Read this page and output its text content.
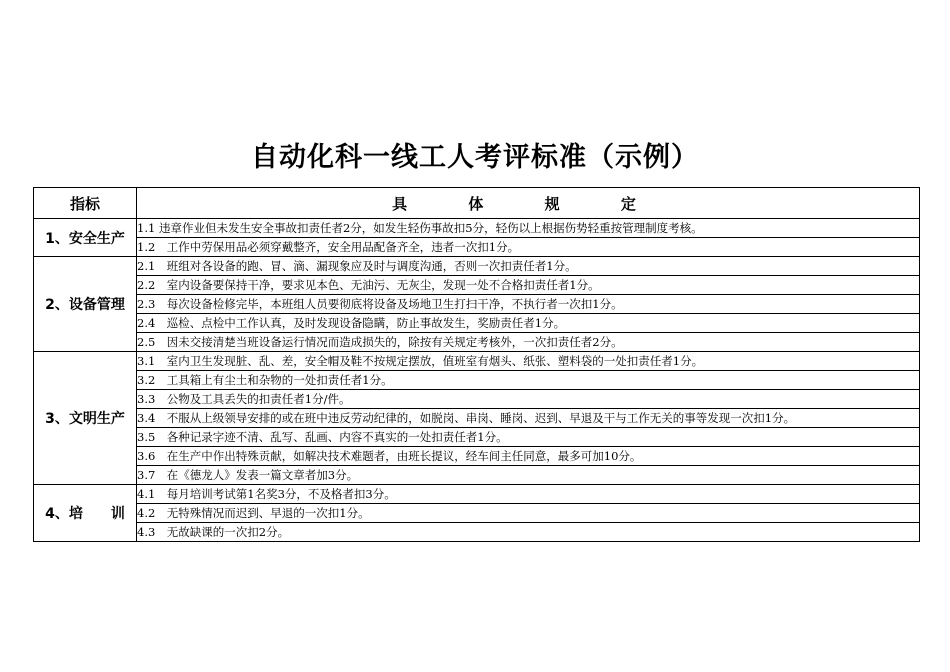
自动化科一线工人考评标准（示例）
指标	具 体 规 定
1、安全生产	1.1 违章作业但未发生安全事故扣责任者2分，如发生轻伤事故扣5分，轻伤以上根据伤势轻重按管理制度考核。
	1.2　工作中劳保用品必须穿戴整齐，安全用品配备齐全，违者一次扣1分。
2、设备管理	2.1　班组对各设备的跑、冒、滴、漏现象应及时与调度沟通，否则一次扣责任者1分。
	2.2　室内设备要保持干净，要求见本色、无油污、无灰尘，发现一处不合格扣责任者1分。
	2.3　每次设备检修完毕，本班组人员要彻底将设备及场地卫生打扫干净，不执行者一次扣1分。
	2.4　巡检、点检中工作认真，及时发现设备隐瞒，防止事故发生，奖励责任者1分。
	2.5　因未交接清楚当班设备运行情况而造成损失的，除按有关规定考核外，一次扣责任者2分。
3、文明生产	3.1　室内卫生发现脏、乱、差，安全帽及鞋不按规定摆放，值班室有烟头、纸张、塑料袋的一处扣责任者1分。
	3.2　工具箱上有尘土和杂物的一处扣责任者1分。
	3.3　公物及工具丢失的扣责任者1分/件。
	3.4　不服从上级领导安排的或在班中违反劳动纪律的，如脱岗、串岗、睡岗、迟到、早退及干与工作无关的事等发现一次扣1分。
	3.5　各种记录字迹不清、乱写、乱画、内容不真实的一处扣责任者1分。
	3.6　在生产中作出特殊贡献，如解决技术难题者，由班长提议，经车间主任同意，最多可加10分。
	3.7　在《德龙人》发表一篇文章者加3分。
4、培　　训	4.1　每月培训考试第1名奖3分，不及格者扣3分。
	4.2　无特殊情况而迟到、早退的一次扣1分。
	4.3　无故缺课的一次扣2分。
